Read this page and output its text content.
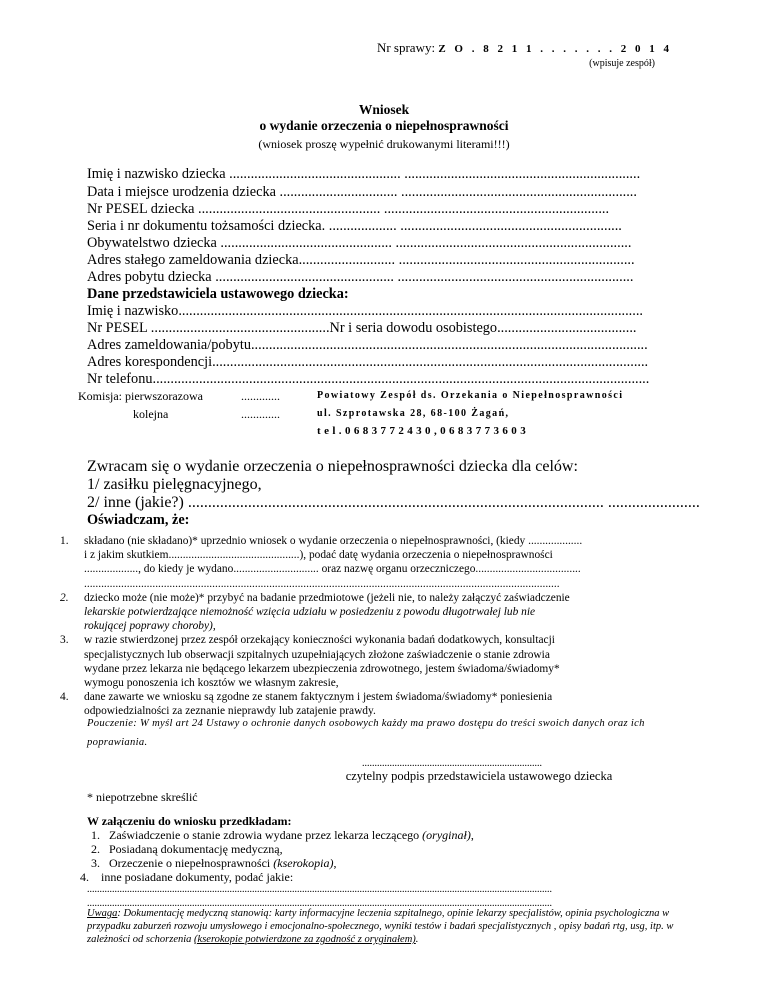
Nr sprawy: Z O . 8 2 1 1 . . . . . . . 2 0 1 4
(wpisuje zespół)
Wniosek
o wydanie orzeczenia o niepełnosprawności
(wniosek proszę wypełnić drukowanymi literami!!!)
Imię i nazwisko dziecka ................................................ ..................................................................
Data i miejsce urodzenia dziecka ................................. ..................................................................
Nr PESEL dziecka ................................................... ...............................................................
Seria i nr dokumentu tożsamości dziecka. ................... ..............................................................
Obywatelstwo dziecka ................................................ ..................................................................
Adres stałego zameldowania dziecka........................... ..................................................................
Adres pobytu dziecka .................................................. ..................................................................
Dane przedstawiciela ustawowego dziecka:
Imię i nazwisko..................................................................................................................................
Nr PESEL ..................................................Nr i seria dowodu osobistego.......................................
Adres zameldowania/pobytu...............................................................................................................
Adres korespondencji..........................................................................................................................
Nr telefonu...........................................................................................................................................
Komisja: pierwszorazowa	.............
kolejna	.............
Powiatowy Zespół ds. Orzekania o Niepełnosprawności
ul. Szprotawska 28, 68-100 Żagań,
tel.0683772430,0683773603
Zwracam się o wydanie orzeczenia o niepełnosprawności dziecka dla celów:
1/ zasiłku pielęgnacyjnego,
2/ inne (jakie?) ........................................................................................................ .......................
Oświadczam, że:
1. składano (nie składano)* uprzednio wniosek o wydanie orzeczenia o niepełnosprawności, (kiedy ...................
i z jakim skutkiem..............................................), podać datę wydania orzeczenia o niepełnosprawności
..................., do kiedy je wydano.............................. oraz nazwę organu orzeczniczego.....................................
.......................................................................................................................................................................
2. dziecko może (nie może)* przybyć na badanie przedmiotowe (jeżeli nie, to należy załączyć zaświadczenie
lekarskie potwierdzające niemożność wzięcia udziału w posiedzeniu z powodu długotrwałej lub nie
rokującej poprawy choroby),
3. w razie stwierdzonej przez zespół orzekający konieczności wykonania badań dodatkowych, konsultacji
specjalistycznych lub obserwacji szpitalnych uzupełniających złożone zaświadczenie o stanie zdrowia
wydane przez lekarza nie będącego lekarzem ubezpieczenia zdrowotnego, jestem świadoma/świadomy*
wymogu ponoszenia ich kosztów we własnym zakresie,
4. dane zawarte we wniosku są zgodne ze stanem faktycznym i jestem świadoma/świadomy* poniesienia
odpowiedzialności za zeznanie nieprawdy lub zatajenie prawdy.
Pouczenie: W myśl art 24 Ustawy o ochronie danych osobowych każdy ma prawo dostępu do treści swoich danych oraz ich poprawiania.
........................................................................
czytelny podpis przedstawiciela ustawowego dziecka
* niepotrzebne skreślić
W załączeniu do wniosku przedkładam:
1. Zaświadczenie o stanie zdrowia wydane przez lekarza leczącego (oryginał),
2. Posiadaną dokumentację medyczną,
3. Orzeczenie o niepełnosprawności (kserokopia),
4. inne posiadane dokumenty, podać jakie:
..........................................................................................................................................................................................
..........................................................................................................................................................................................
Uwaga: Dokumentację medyczną stanowią: karty informacyjne leczenia szpitalnego, opinie lekarzy specjalistów, opinia psychologiczna w przypadku zaburzeń rozwoju umysłowego i emocjonalno-społecznego, wyniki testów i badań specjalistycznych , opisy badań rtg, usg, itp. w zależności od schorzenia (kserokopie potwierdzone za zgodność z oryginałem).
